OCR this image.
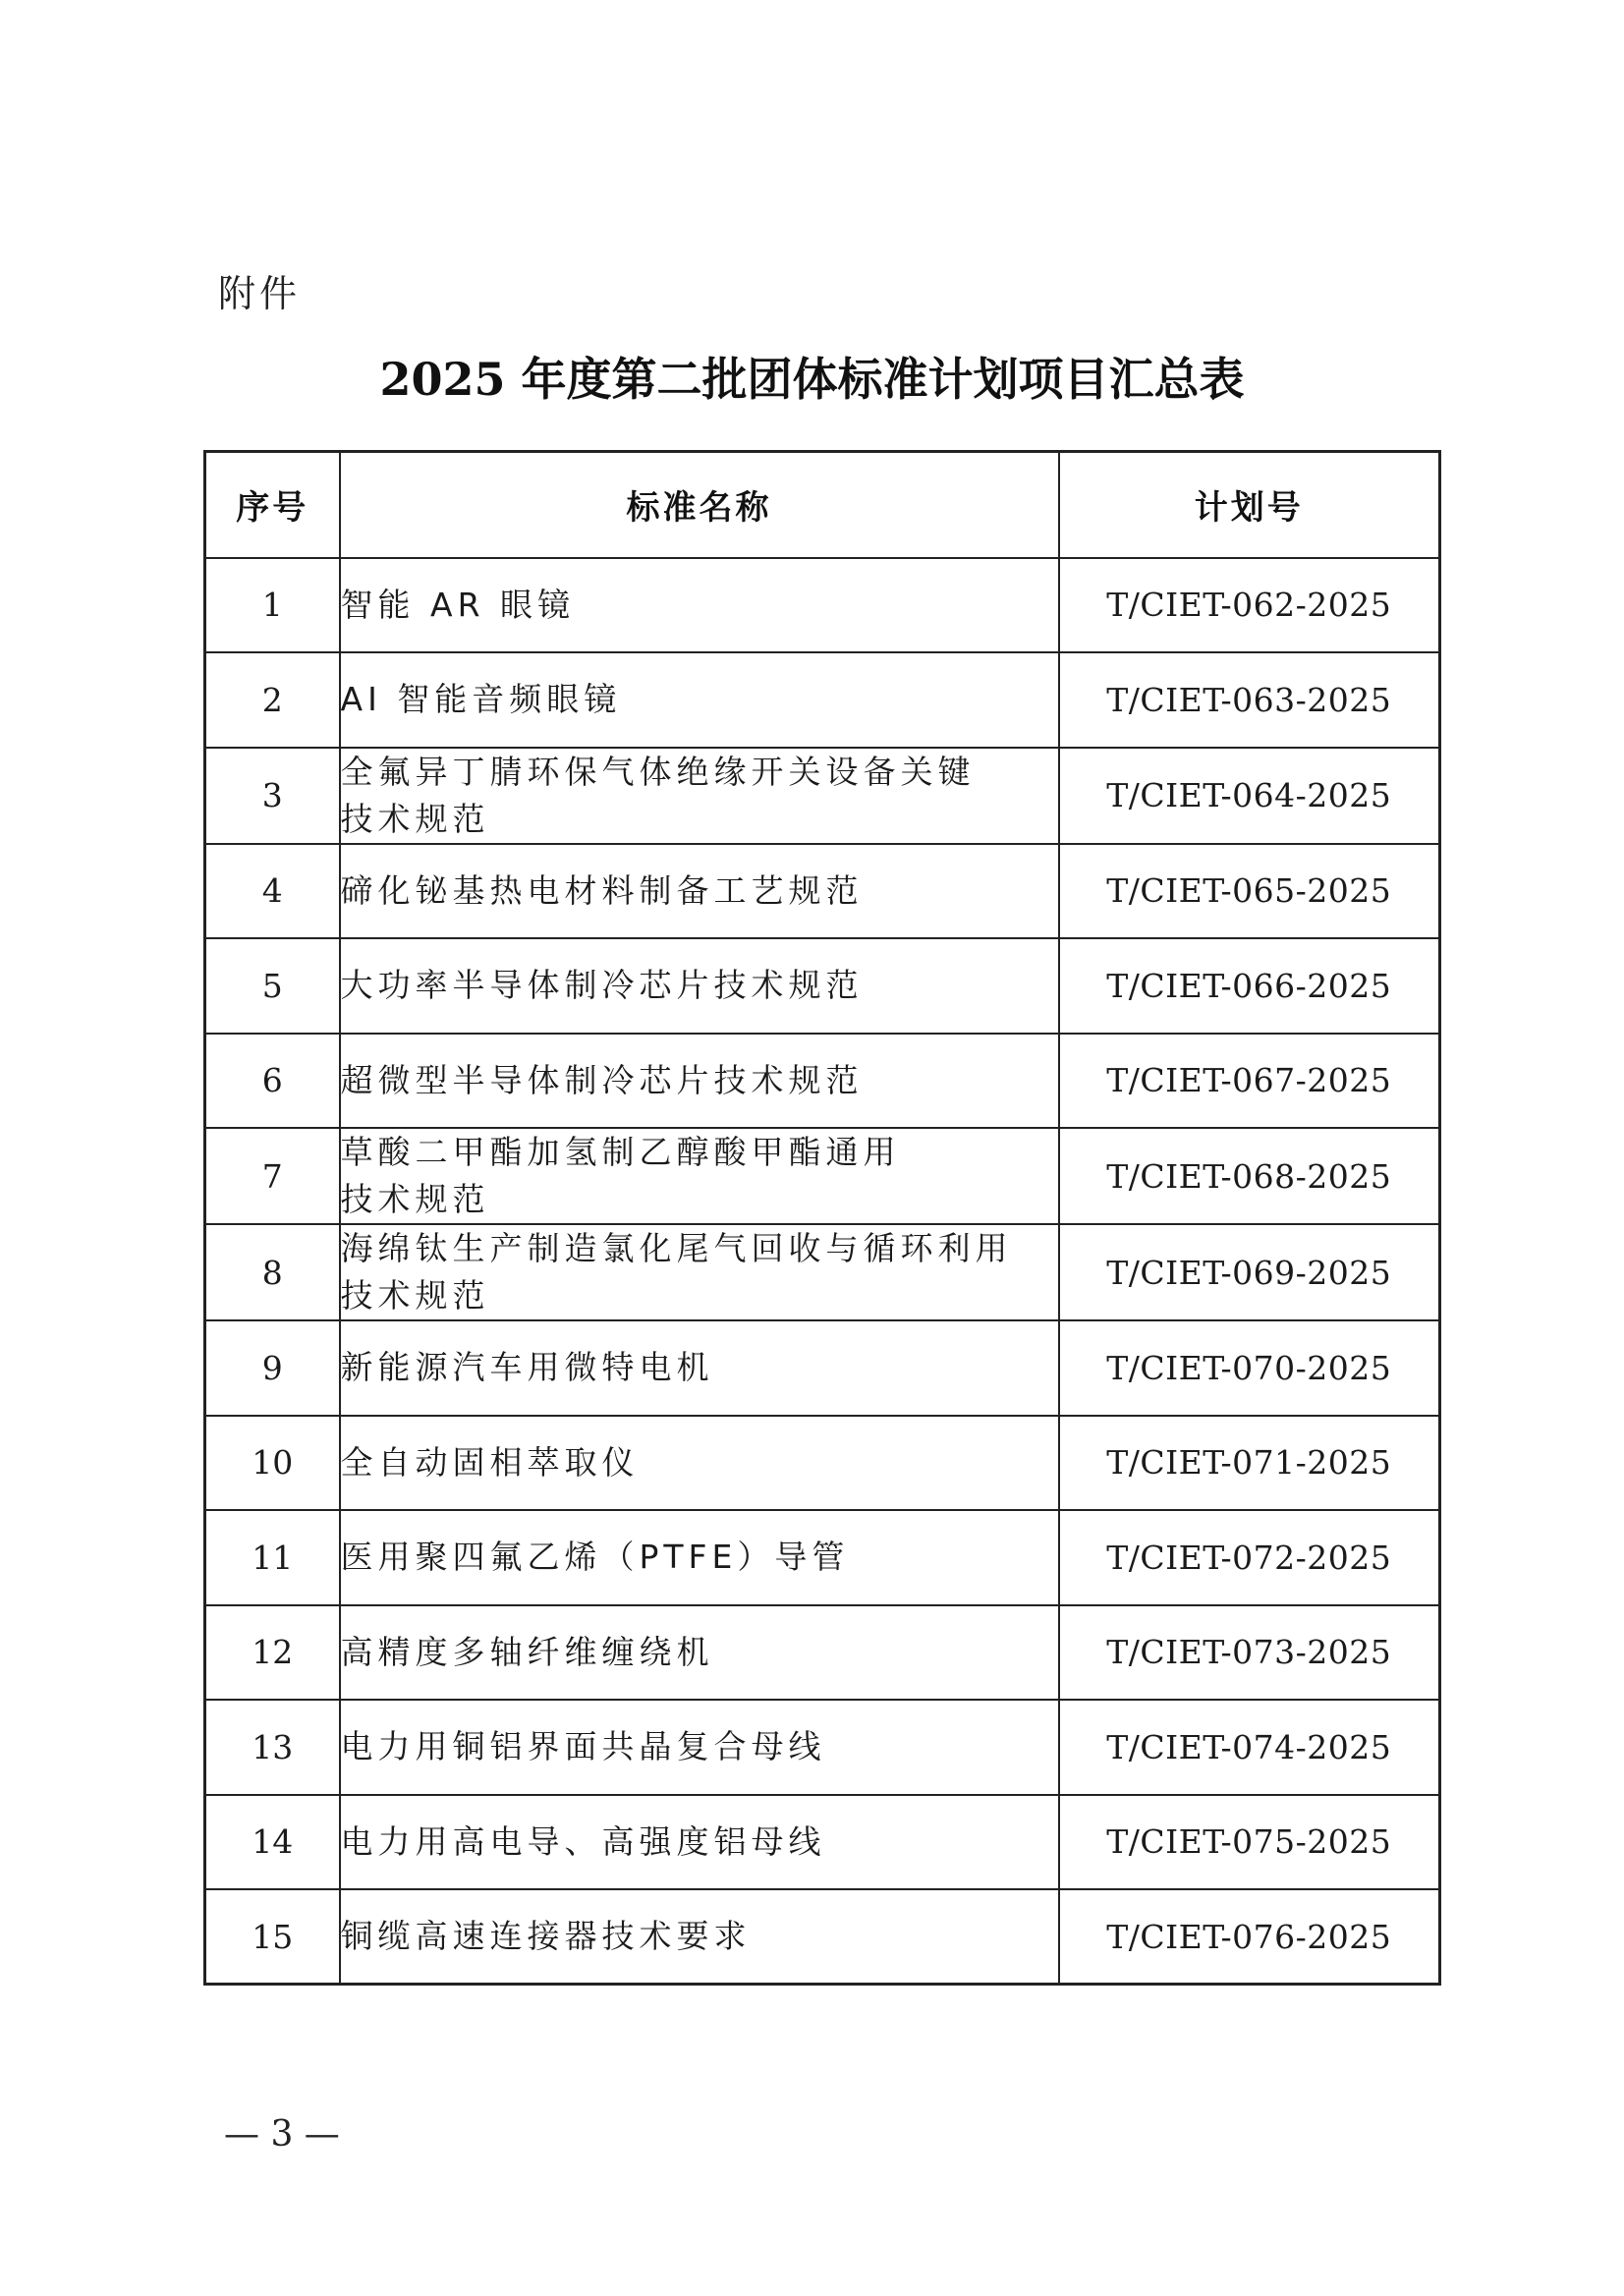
附件
2025 年度第二批团体标准计划项目汇总表
序号	标准名称	计划号
1	智能 AR 眼镜	T/CIET-062-2025
2	AI 智能音频眼镜	T/CIET-063-2025
3	全氟异丁腈环保气体绝缘开关设备关键
技术规范	T/CIET-064-2025
4	碲化铋基热电材料制备工艺规范	T/CIET-065-2025
5	大功率半导体制冷芯片技术规范	T/CIET-066-2025
6	超微型半导体制冷芯片技术规范	T/CIET-067-2025
7	草酸二甲酯加氢制乙醇酸甲酯通用
技术规范	T/CIET-068-2025
8	海绵钛生产制造氯化尾气回收与循环利用
技术规范	T/CIET-069-2025
9	新能源汽车用微特电机	T/CIET-070-2025
10	全自动固相萃取仪	T/CIET-071-2025
11	医用聚四氟乙烯（PTFE）导管	T/CIET-072-2025
12	高精度多轴纤维缠绕机	T/CIET-073-2025
13	电力用铜铝界面共晶复合母线	T/CIET-074-2025
14	电力用高电导、高强度铝母线	T/CIET-075-2025
15	铜缆高速连接器技术要求	T/CIET-076-2025
— 3 —
